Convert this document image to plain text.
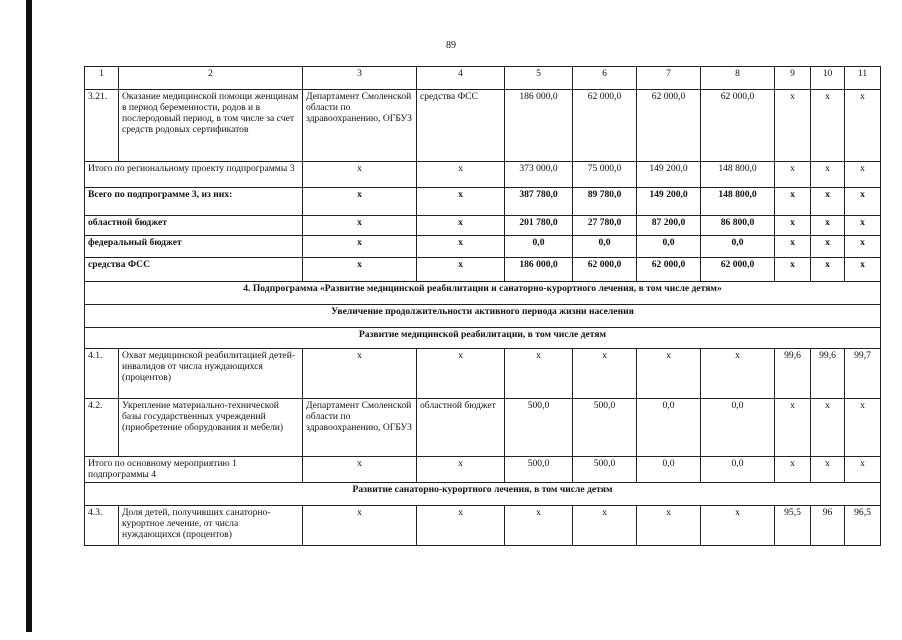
89
1	2	3	4	5	6	7	8	9	10	11
3.21.	Оказание медицинской помощи женщинам в период беременности, родов и в послеродовый период, в том числе за счет средств родовых сертификатов	Департамент Смоленской области по здравоохранению, ОГБУЗ	средства ФСС	186 000,0	62 000,0	62 000,0	62 000,0	x	x	x
Итого по региональному проекту подпрограммы 3		x	x	373 000,0	75 000,0	149 200,0	148 800,0	x	x	x
Всего по подпрограмме 3, из них:		x	x	387 780,0	89 780,0	149 200,0	148 800,0	x	x	x
областной бюджет		x	x	201 780,0	27 780,0	87 200,0	86 800,0	x	x	x
федеральный бюджет		x	x	0,0	0,0	0,0	0,0	x	x	x
средства ФСС		x	x	186 000,0	62 000,0	62 000,0	62 000,0	x	x	x
4. Подпрограмма «Развитие медицинской реабилитации и санаторно-курортного лечения, в том числе детям»										
Увеличение продолжительности активного периода жизни населения										
Развитие медицинской реабилитации, в том числе детям										
4.1.	Охват медицинской реабилитацией детей-инвалидов от числа нуждающихся (процентов)	x	x	x	x	x	x	99,6	99,6	99,7
4.2.	Укрепление материально-технической базы государственных учреждений (приобретение оборудования и мебели)	Департамент Смоленской области по здравоохранению, ОГБУЗ	областной бюджет	500,0	500,0	0,0	0,0	x	x	x
Итого по основному мероприятию 1 подпрограммы 4		x	x	500,0	500,0	0,0	0,0	x	x	x
Развитие санаторно-курортного лечения, в том числе детям										
4.3.	Доля детей, получивших санаторно-курортное лечение, от числа нуждающихся (процентов)	x	x	x	x	x	x	95,5	96	96,5
